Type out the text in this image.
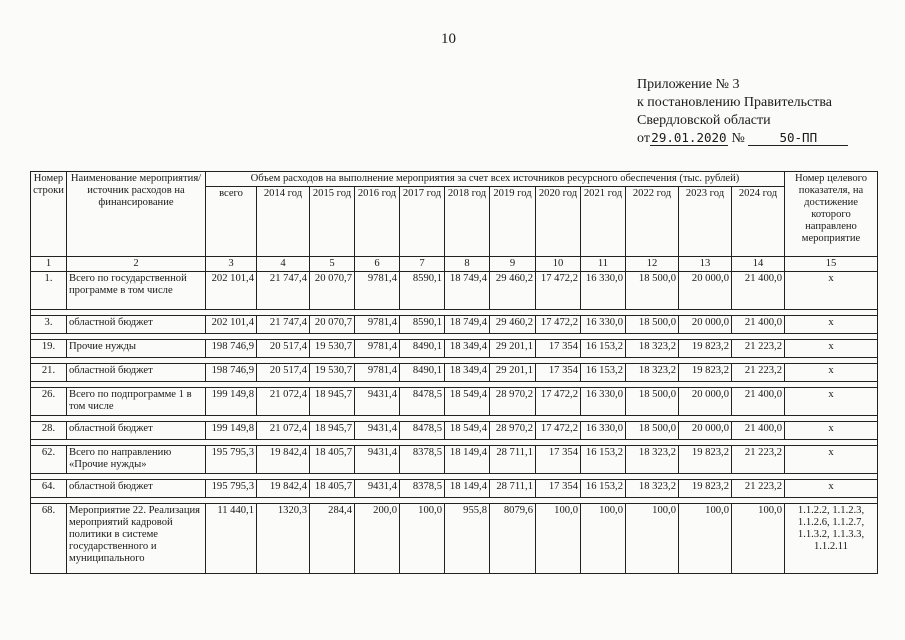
10
Приложение № 3
к постановлению Правительства
Свердловской области
от29.01.2020 №	50-ПП
Номер строки	Наименование мероприятия/источник расходов на финансирование	Объем расходов на выполнение мероприятия за счет всех источников ресурсного обеспечения (тыс. рублей)												Номер целевого показателя, на достижение которого направлено мероприятие
		всего	2014 год	2015 год	2016 год	2017 год	2018 год	2019 год	2020 год	2021 год	2022 год	2023 год	2024 год	
1	2	3	4	5	6	7	8	9	10	11	12	13	14	15
1.	Всего по государственной программе в том числе	202 101,4	21 747,4	20 070,7	9781,4	8590,1	18 749,4	29 460,2	17 472,2	16 330,0	18 500,0	20 000,0	21 400,0	x

3.	областной бюджет	202 101,4	21 747,4	20 070,7	9781,4	8590,1	18 749,4	29 460,2	17 472,2	16 330,0	18 500,0	20 000,0	21 400,0	x

19.	Прочие нужды	198 746,9	20 517,4	19 530,7	9781,4	8490,1	18 349,4	29 201,1	17 354	16 153,2	18 323,2	19 823,2	21 223,2	x

21.	областной бюджет	198 746,9	20 517,4	19 530,7	9781,4	8490,1	18 349,4	29 201,1	17 354	16 153,2	18 323,2	19 823,2	21 223,2	x

26.	Всего по подпрограмме 1 в том числе	199 149,8	21 072,4	18 945,7	9431,4	8478,5	18 549,4	28 970,2	17 472,2	16 330,0	18 500,0	20 000,0	21 400,0	x

28.	областной бюджет	199 149,8	21 072,4	18 945,7	9431,4	8478,5	18 549,4	28 970,2	17 472,2	16 330,0	18 500,0	20 000,0	21 400,0	x

62.	Всего по направлению «Прочие нужды»	195 795,3	19 842,4	18 405,7	9431,4	8378,5	18 149,4	28 711,1	17 354	16 153,2	18 323,2	19 823,2	21 223,2	x

64.	областной бюджет	195 795,3	19 842,4	18 405,7	9431,4	8378,5	18 149,4	28 711,1	17 354	16 153,2	18 323,2	19 823,2	21 223,2	x

68.	Мероприятие 22. Реализация мероприятий кадровой политики в системе государственного и муниципального	11 440,1	1320,3	284,4	200,0	100,0	955,8	8079,6	100,0	100,0	100,0	100,0	100,0	1.1.2.2, 1.1.2.3, 1.1.2.6, 1.1.2.7, 1.1.3.2, 1.1.3.3, 1.1.2.11
